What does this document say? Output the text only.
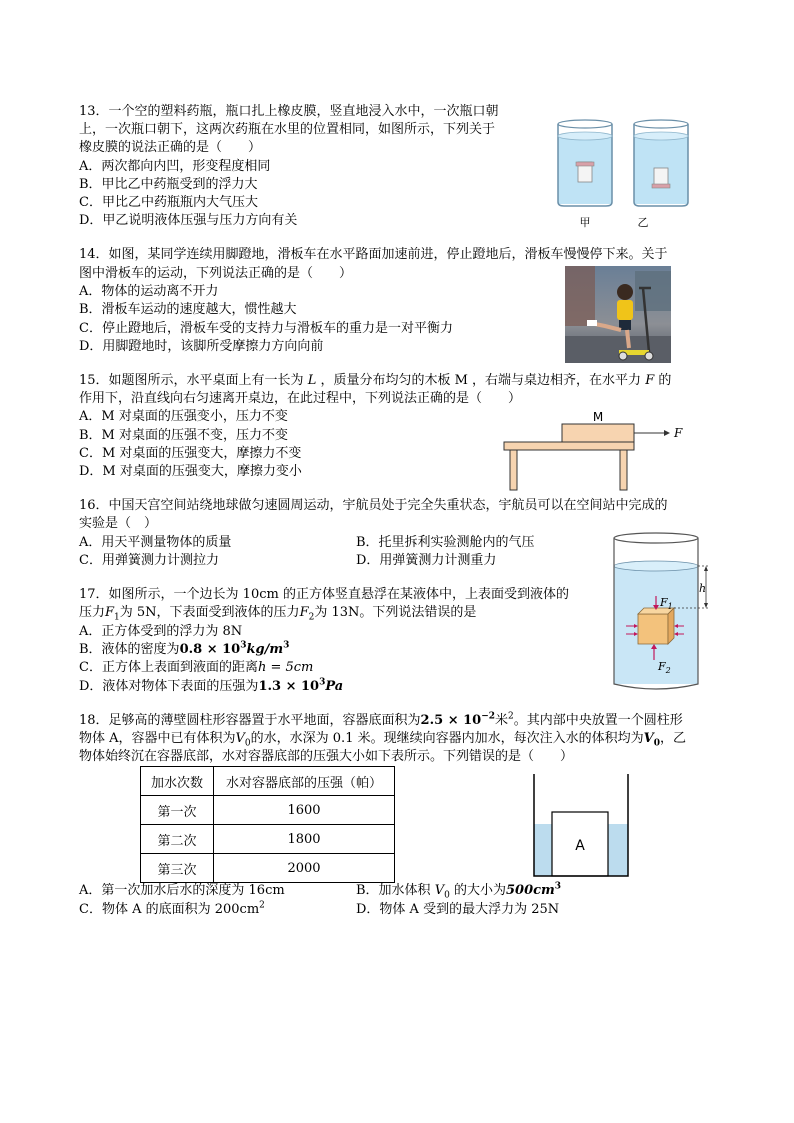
13．一个空的塑料药瓶，瓶口扎上橡皮膜，竖直地浸入水中，一次瓶口朝
上，一次瓶口朝下，这两次药瓶在水里的位置相同，如图所示，下列关于
橡皮膜的说法正确的是（　　）
A．两次都向内凹，形变程度相同
B．甲比乙中药瓶受到的浮力大
C．甲比乙中药瓶瓶内大气压大
D．甲乙说明液体压强与压力方向有关	甲	乙
14．如图，某同学连续用脚蹬地，滑板车在水平路面加速前进，停止蹬地后，滑板车慢慢停下来。关于
图中滑板车的运动，下列说法正确的是（　　）
A．物体的运动离不开力
B．滑板车运动的速度越大，惯性越大
C．停止蹬地后，滑板车受的支持力与滑板车的重力是一对平衡力
D．用脚蹬地时，该脚所受摩擦力方向向前
15．如题图所示，水平桌面上有一长为 L ，质量分布均匀的木板 M ，右端与桌边相齐，在水平力 F 的
作用下，沿直线向右匀速离开桌边，在此过程中，下列说法正确的是（　　）
A．M 对桌面的压强变小，压力不变
B．M 对桌面的压强不变，压力不变
C．M 对桌面的压强变大，摩擦力不变
D．M 对桌面的压强变大，摩擦力变小
M
F
16．中国天宫空间站绕地球做匀速圆周运动，宇航员处于完全失重状态，宇航员可以在空间站中完成的
实验是（　）
A．用天平测量物体的质量	B．托里拆利实验测舱内的气压
C．用弹簧测力计测拉力	D．用弹簧测力计测重力
17．如图所示，一个边长为 10cm 的正方体竖直悬浮在某液体中，上表面受到液体的
压力$F_1$为 5N，下表面受到液体的压力$F_2$为 13N。下列说法错误的是
A．正方体受到的浮力为 8N
B．液体的密度为$0.8 \times 10^3kg/m^3$
C．正方体上表面到液面的距离h = 5cm
D．液体对物体下表面的压强为$1.3 \times 10^3Pa$
$F_1$
$F_2$
h
18．足够高的薄壁圆柱形容器置于水平地面，容器底面积为$2.5 \times 10^{-2}$米$^2$。其内部中央放置一个圆柱形
物体 A，容器中已有体积为$V_0$的水，水深为 0.1 米。现继续向容器内加水，每次注入水的体积均为$V_0$，乙
物体始终沉在容器底部，水对容器底部的压强大小如下表所示。下列错误的是（　　）
加水次数	水对容器底部的压强（帕）
第一次	1600
第二次	1800
第三次	2000
A
A．第一次加水后水的深度为 16cm	B．加水体积 $V_0$ 的大小为$500cm^3$
C．物体 A 的底面积为 $200cm^2$	D．物体 A 受到的最大浮力为 25N
